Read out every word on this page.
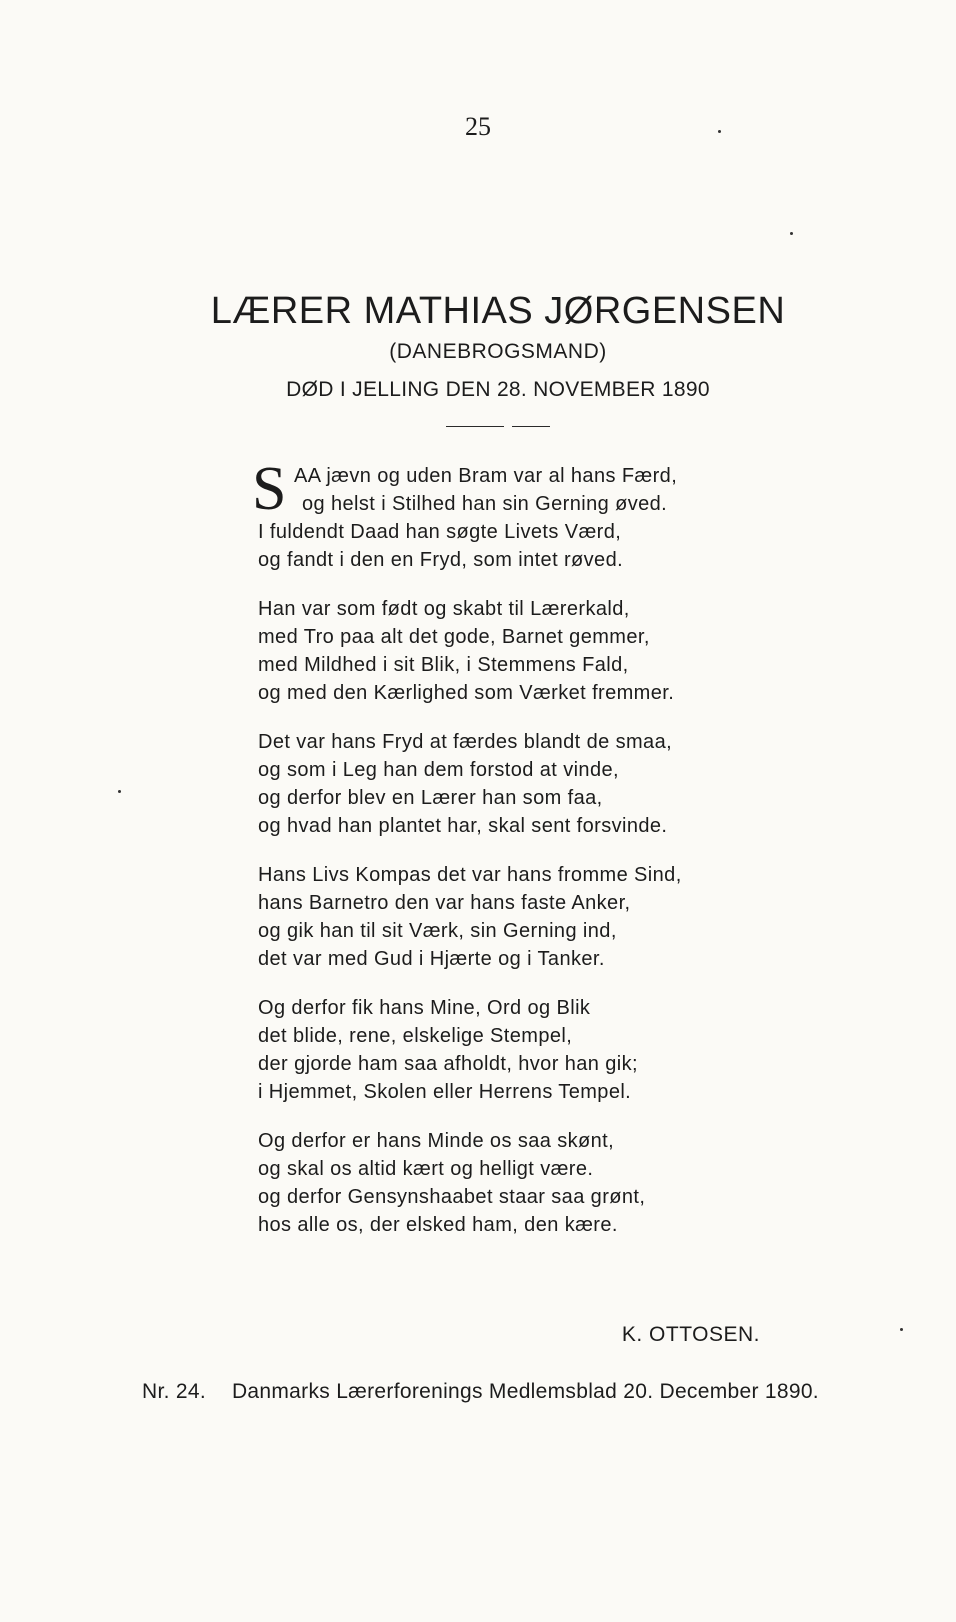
25
LÆRER MATHIAS JØRGENSEN
(DANEBROGSMAND)
DØD I JELLING DEN 28. NOVEMBER 1890
S AA jævn og uden Bram var al hans Færd,
og helst i Stilhed han sin Gerning øved.
I fuldendt Daad han søgte Livets Værd,
og fandt i den en Fryd, som intet røved.
Han var som født og skabt til Lærerkald,
med Tro paa alt det gode, Barnet gemmer,
med Mildhed i sit Blik, i Stemmens Fald,
og med den Kærlighed som Værket fremmer.
Det var hans Fryd at færdes blandt de smaa,
og som i Leg han dem forstod at vinde,
og derfor blev en Lærer han som faa,
og hvad han plantet har, skal sent forsvinde.
Hans Livs Kompas det var hans fromme Sind,
hans Barnetro den var hans faste Anker,
og gik han til sit Værk, sin Gerning ind,
det var med Gud i Hjærte og i Tanker.
Og derfor fik hans Mine, Ord og Blik
det blide, rene, elskelige Stempel,
der gjorde ham saa afholdt, hvor han gik;
i Hjemmet, Skolen eller Herrens Tempel.
Og derfor er hans Minde os saa skønt,
og skal os altid kært og helligt være.
og derfor Gensynshaabet staar saa grønt,
hos alle os, der elsked ham, den kære.
K. OTTOSEN.
Nr. 24. Danmarks Lærerforenings Medlemsblad 20. December 1890.
